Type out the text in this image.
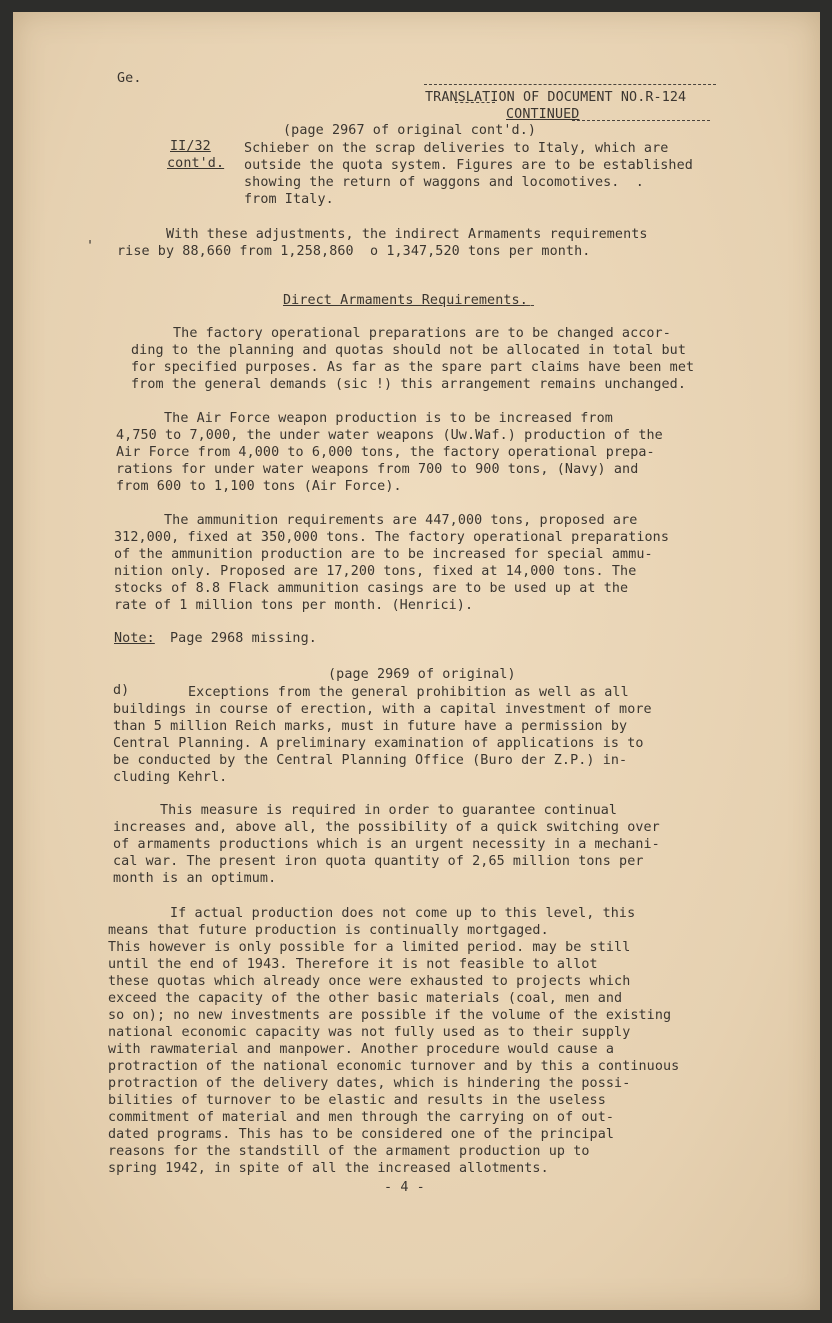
Ge.
TRANSLATION OF DOCUMENT NO.R-124
CONTINUED
(page 2967 of original cont'd.)
II/32
cont'd.
Schieber on the scrap deliveries to Italy, which are
outside the quota system. Figures are to be established
showing the return of waggons and locomotives.  .
from Italy.
'
With these adjustments, the indirect Armaments requirements
rise by 88,660 from 1,258,860  o 1,347,520 tons per month.
Direct Armaments Requirements.
The factory operational preparations are to be changed accor-
ding to the planning and quotas should not be allocated in total but
for specified purposes. As far as the spare part claims have been met
from the general demands (sic !) this arrangement remains unchanged.
The Air Force weapon production is to be increased from
4,750 to 7,000, the under water weapons (Uw.Waf.) production of the
Air Force from 4,000 to 6,000 tons, the factory operational prepa-
rations for under water weapons from 700 to 900 tons, (Navy) and
from 600 to 1,100 tons (Air Force).
The ammunition requirements are 447,000 tons, proposed are
312,000, fixed at 350,000 tons. The factory operational preparations
of the ammunition production are to be increased for special ammu-
nition only. Proposed are 17,200 tons, fixed at 14,000 tons. The
stocks of 8.8 Flack ammunition casings are to be used up at the
rate of 1 million tons per month. (Henrici).
Note: Page 2968 missing.
(page 2969 of original)
d)	Exceptions from the general prohibition as well as all
buildings in course of erection, with a capital investment of more
than 5 million Reich marks, must in future have a permission by
Central Planning. A preliminary examination of applications is to
be conducted by the Central Planning Office (Buro der Z.P.) in-
cluding Kehrl.
This measure is required in order to guarantee continual
increases and, above all, the possibility of a quick switching over
of armaments productions which is an urgent necessity in a mechani-
cal war. The present iron quota quantity of 2,65 million tons per
month is an optimum.
If actual production does not come up to this level, this
means that future production is continually mortgaged.
This however is only possible for a limited period. may be still
until the end of 1943. Therefore it is not feasible to allot
these quotas which already once were exhausted to projects which
exceed the capacity of the other basic materials (coal, men and
so on); no new investments are possible if the volume of the existing
national economic capacity was not fully used as to their supply
with rawmaterial and manpower. Another procedure would cause a
protraction of the national economic turnover and by this a continuous
protraction of the delivery dates, which is hindering the possi-
bilities of turnover to be elastic and results in the useless
commitment of material and men through the carrying on of out-
dated programs. This has to be considered one of the principal
reasons for the standstill of the armament production up to
spring 1942, in spite of all the increased allotments.
- 4 -
